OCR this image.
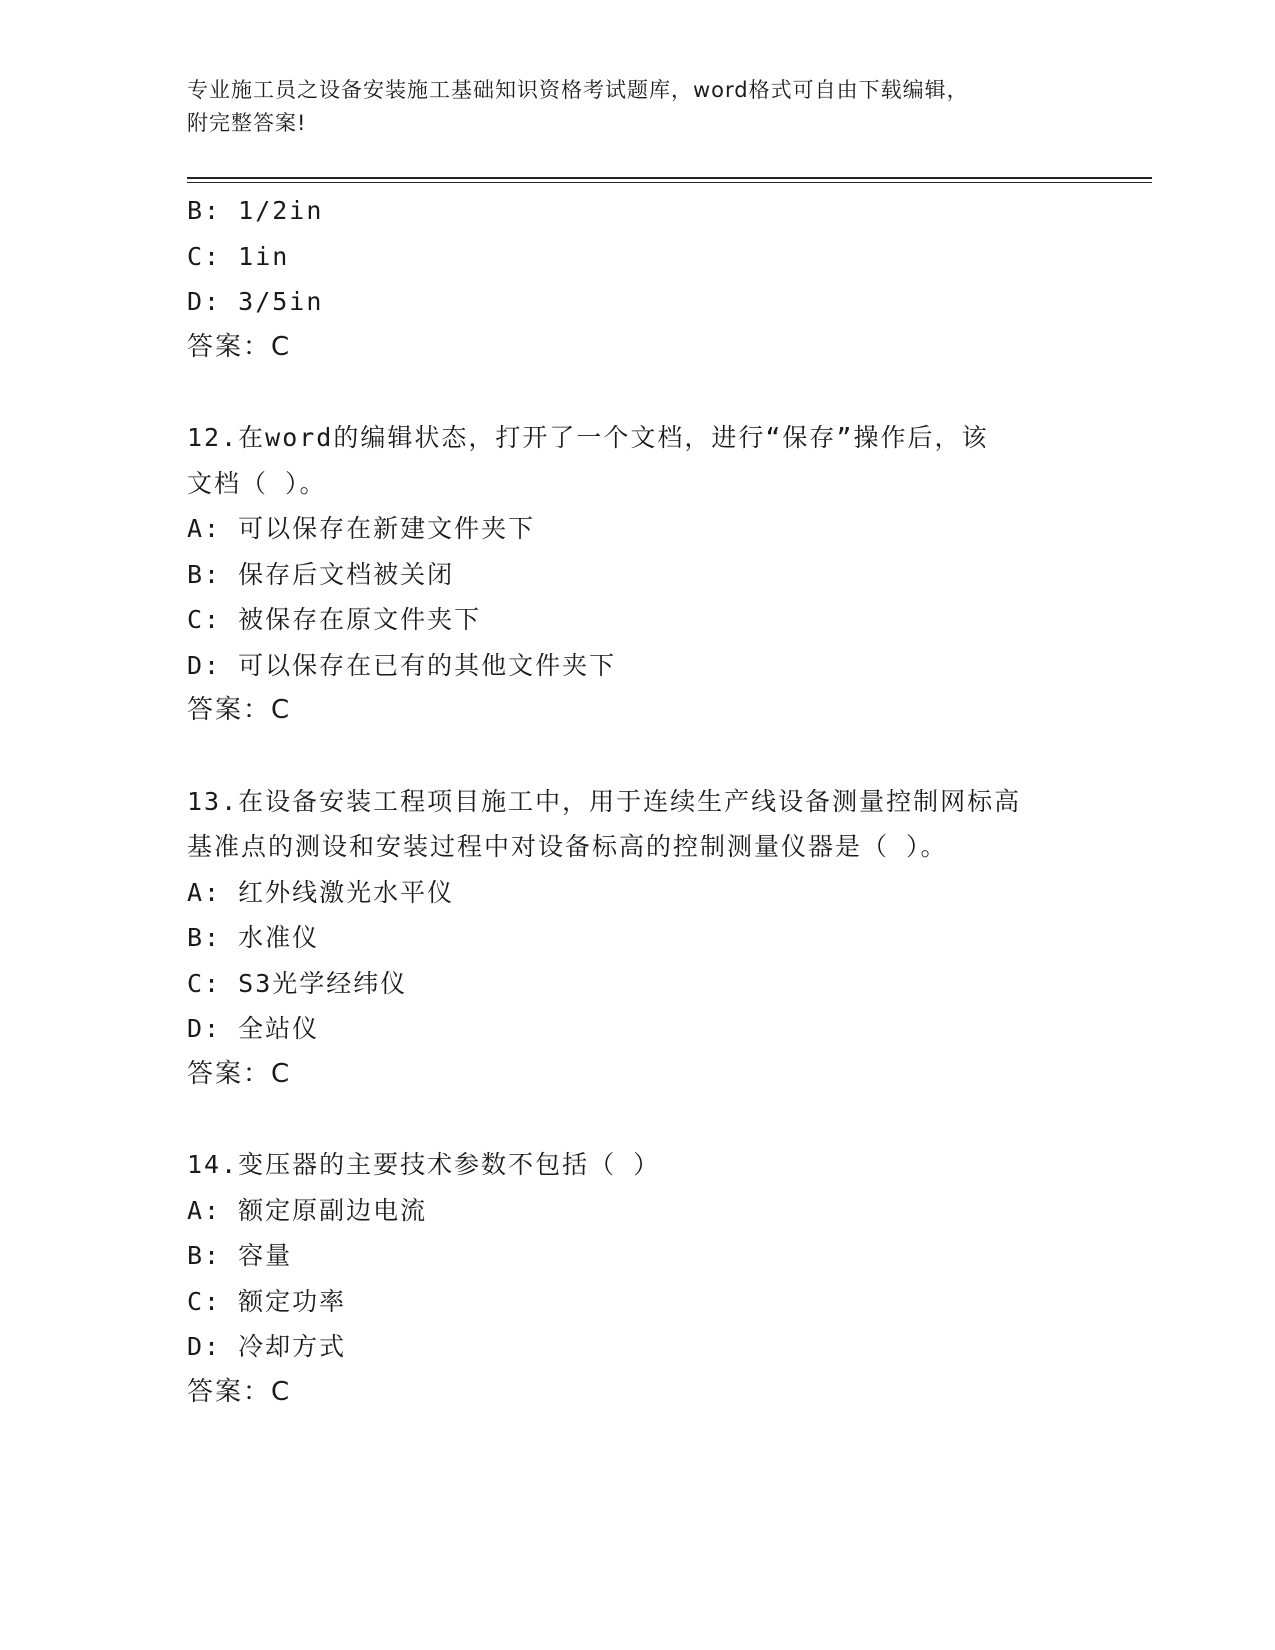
专业施工员之设备安装施工基础知识资格考试题库，word格式可自由下载编辑，
附完整答案!
B: 1/2in
C: 1in
D: 3/5in
答案：C
12.在word的编辑状态，打开了一个文档，进行“保存”操作后，该
文档（ ）。
A: 可以保存在新建文件夹下
B: 保存后文档被关闭
C: 被保存在原文件夹下
D: 可以保存在已有的其他文件夹下
答案：C
13.在设备安装工程项目施工中，用于连续生产线设备测量控制网标高
基准点的测设和安装过程中对设备标高的控制测量仪器是（ ）。
A: 红外线激光水平仪
B: 水准仪
C: S3光学经纬仪
D: 全站仪
答案：C
14.变压器的主要技术参数不包括（ ）
A: 额定原副边电流
B: 容量
C: 额定功率
D: 冷却方式
答案：C
